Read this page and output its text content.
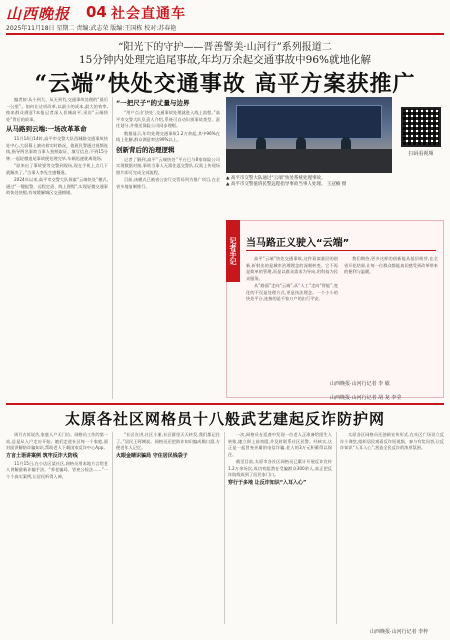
山西晚报 04 社会直通车
2025年11月18日 星期二 责编:武志荣 版编:王国栋 校对:苏春艳
“阳光下的守护——晋善警美·山河行”系列报道二
15分钟内处理完追尾事故,年均万余起交通事故中96%就地化解
“云端”快处交通事故 高平方案获推广

编者按:从小到大、从无到有,交通事故处理的“最后一公里”。如何让这项改革,以最小的成本,最大的效率,换来群众满意?本报记者深入晋城高平,采访“云端快处”背后的故事。

从马路到云端:一场改革革命

11月14日14时,高平市交警大队西城路交通事故快处中心,大屏幕上滚动着实时路况。值班民警通过视频连线,指导两名事故当事人拍照取证、填写信息,不到15分钟,一起轻微追尾事故便处理完毕,车辆迅速驶离现场。

“原来出了事故要等交警到现场,现在手机上点几下就解决了。”当事人李先生感慨道。

2024年以来,高平市交警大队探索“云端快处”模式,通过“一键报警、远程定责、线上理赔”,实现轻微交通事故快处快赔,有效缓解城区交通拥堵。

“一把尺子”的丈量与边界

“用户点击‘快处’,交通事故处理就进入线上流程。”高平市交警大队负责人介绍,系统可自动识别事故类型、责任划分,并推送保险公司同步理赔。

数据显示,年均处理交通事故1.2万余起,其中96%在线上化解,群众满意率达99%以上。

创新背后的治理逻辑

记者了解到,高平“云端快处”平台已与8家保险公司实现数据对接,事故当事人无需往返交警队,仅需上传现场照片即可完成全部流程。

目前,该模式已被省公安厅交管局列为推广项目,在全省多地复制推行。

扫码看视频
▲ 高平市交警大队通过“云端”快处系统处理事故。
▲ 高平市交警值班民警远程指导事故当事人处理。 王冠楠 摄
记者手记 当马路正义驶入“云端”

高平“云端”快处交通事故,这件看似基层的创新,折射出的是城市治理理念的深刻转变。它不再是简单的管理,而是以群众需求为导向,用科技为民众服务。

从“路面”走向“云端”,从“人工”走向“智能”,变化的不仅是处理方式,更是执法理念。一个小小的快处平台,连接的是千家万户的出行平安。

我们期待,更多这样的创新能从基层萌芽,在全省开花结果,让每一位群众都能真切感受到改革带来的便利与温暖。

山西晚报·山河行记者 李 敏
山西晚报·山河行记者 胡 龙 李莹
太原各社区网格员十八般武艺建起反诈防护网

周月吉诉说苦,家庭人户无门访。网格员工作的第一站,总是从入户走访开始。她们走进社区每一个家庭,面对面讲解防诈骗知识,帮助老人下载国家反诈中心App。

方言土语讲案例 筑牢反诈大防线

11月15日,在小店区某社区,网格员用本地方言给老人讲解最新诈骗手法。“养老骗局、冒充公检法……”一个个真实案例,让居民听得入神。

“社区宣讲,社区小册,社区群里天天转发,我们都记住了。”居民王阿姨说。网格员还把防诈知识编成顺口溜,方便老年人记忆。

火眼金睛识骗局 守住居民钱袋子

一次,网格员在巡查中发现一位老人正准备给陌生人转账,她立即上前劝阻,并及时联系社区民警。经核实,这正是一起冒充亲属的电信诈骗,老人的3万元积蓄得以保住。

截至目前,太原市各社区网格员已累计开展反诈宣传1.2万余场次,成功劝阻潜在受骗群众300余人,真正把反诈防线筑到了居民家门口。

穿行于多地 让反诈知识“入耳入心”

太原各区网格员还创新宣传形式,在社区广场设立反诈小课堂,组织居民观看反诈短视频、参与有奖问答,让反诈知识“入耳入心”,营造全民反诈的浓厚氛围。

山西晚报·山河行记者 李梓
